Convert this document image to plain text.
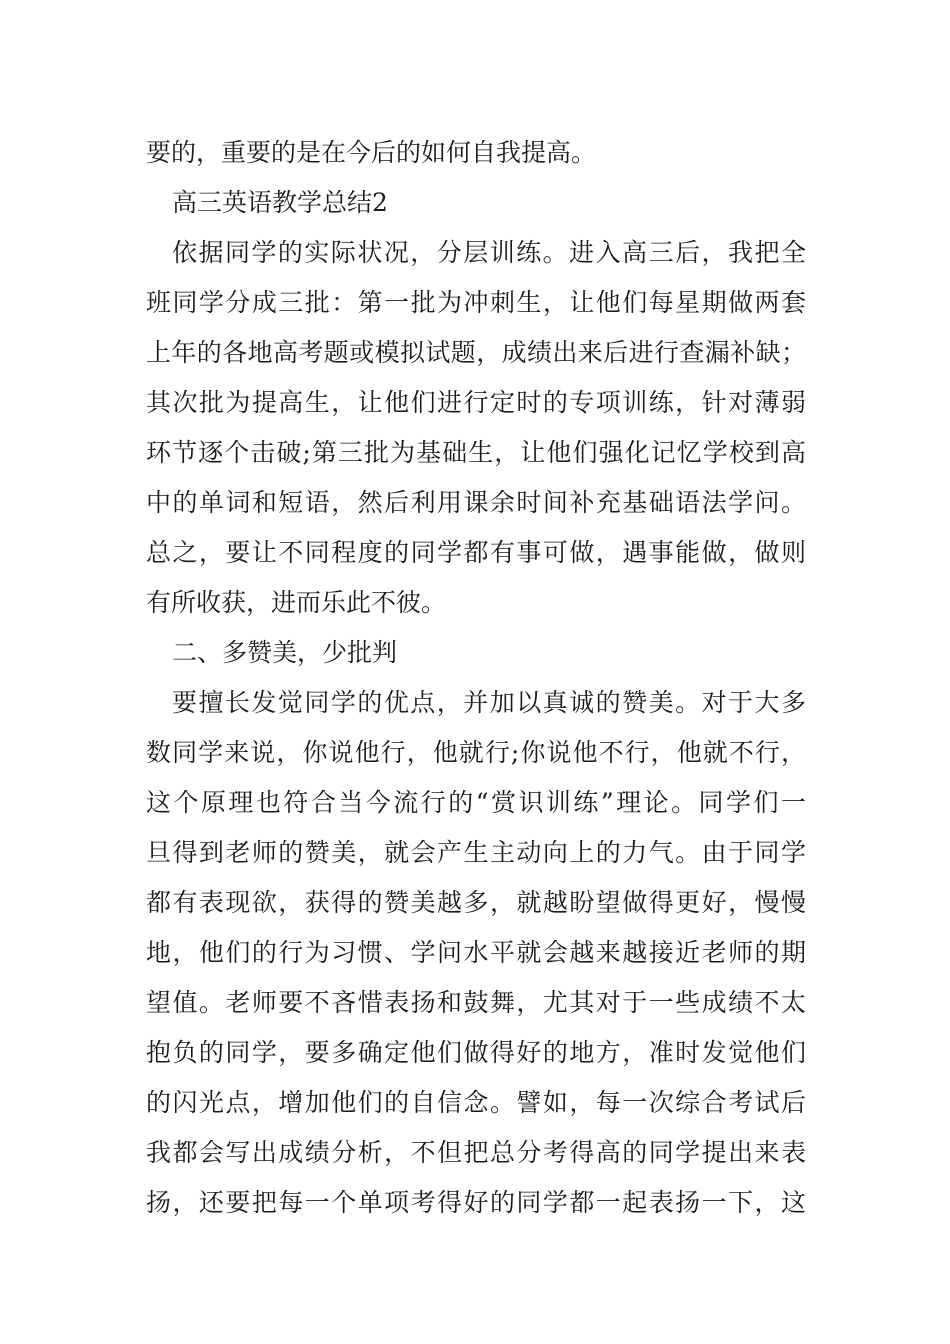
要的，重要的是在今后的如何自我提高。
高三英语教学总结2
依据同学的实际状况，分层训练。进入高三后，我把全
班同学分成三批：第一批为冲刺生，让他们每星期做两套
上年的各地高考题或模拟试题，成绩出来后进行查漏补缺；
其次批为提高生，让他们进行定时的专项训练，针对薄弱
环节逐个击破;第三批为基础生，让他们强化记忆学校到高
中的单词和短语，然后利用课余时间补充基础语法学问。
总之，要让不同程度的同学都有事可做，遇事能做，做则
有所收获，进而乐此不彼。
二、多赞美，少批判
要擅长发觉同学的优点，并加以真诚的赞美。对于大多
数同学来说，你说他行，他就行;你说他不行，他就不行，
这个原理也符合当今流行的“赏识训练”理论。同学们一
旦得到老师的赞美，就会产生主动向上的力气。由于同学
都有表现欲，获得的赞美越多，就越盼望做得更好，慢慢
地，他们的行为习惯、学问水平就会越来越接近老师的期
望值。老师要不吝惜表扬和鼓舞，尤其对于一些成绩不太
抱负的同学，要多确定他们做得好的地方，准时发觉他们
的闪光点，增加他们的自信念。譬如，每一次综合考试后
我都会写出成绩分析，不但把总分考得高的同学提出来表
扬，还要把每一个单项考得好的同学都一起表扬一下，这
